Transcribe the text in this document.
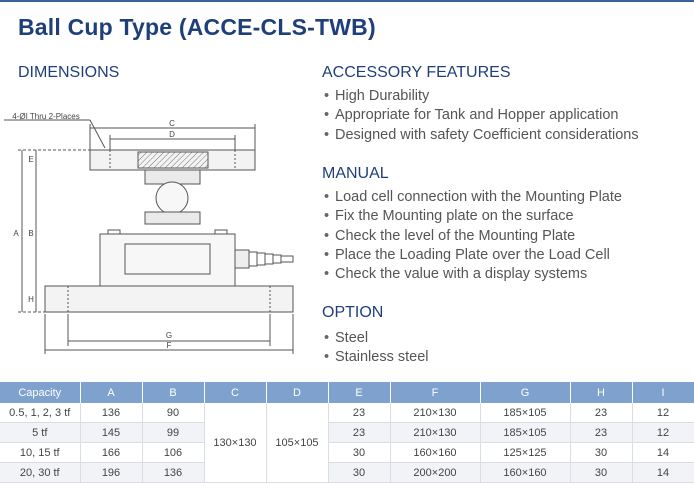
Ball Cup Type (ACCE-CLS-TWB)
DIMENSIONS
4-ØI Thru 2-Places
C
D
E
A B
H
G
F
ACCESSORY FEATURES
• High Durability
• Appropriate for Tank and Hopper application
• Designed with safety Coefficient considerations
MANUAL
• Load cell connection with the Mounting Plate
• Fix the Mounting plate on the surface
• Check the level of the Mounting Plate
• Place the Loading Plate over the Load Cell
• Check the value with a display systems
OPTION
• Steel
• Stainless steel
Capacity	A	B	C	D	E	F	G	H	I
0.5, 1, 2, 3 tf	136	90	130×130	105×105	23	210×130	185×105	23	12
5 tf	145	99			23	210×130	185×105	23	12
10, 15 tf	166	106			30	160×160	125×125	30	14
20, 30 tf	196	136			30	200×200	160×160	30	14
